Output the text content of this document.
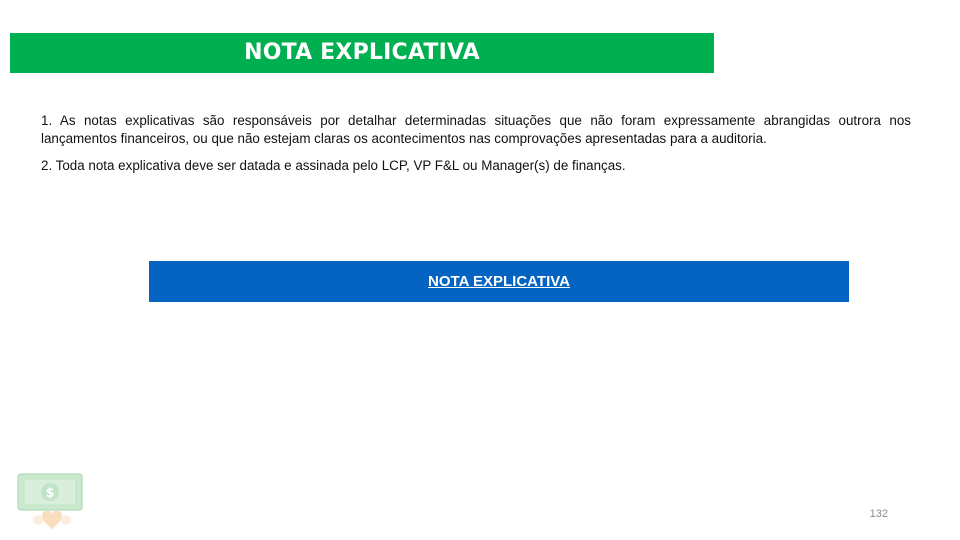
NOTA EXPLICATIVA

1. As notas explicativas são responsáveis por detalhar determinadas situações que não foram expressamente abrangidas outrora nos lançamentos financeiros, ou que não estejam claras os acontecimentos nas comprovações apresentadas para a auditoria.

2. Toda nota explicativa deve ser datada e assinada pelo LCP, VP F&L ou Manager(s) de finanças.

NOTA EXPLICATIVA
$
132
